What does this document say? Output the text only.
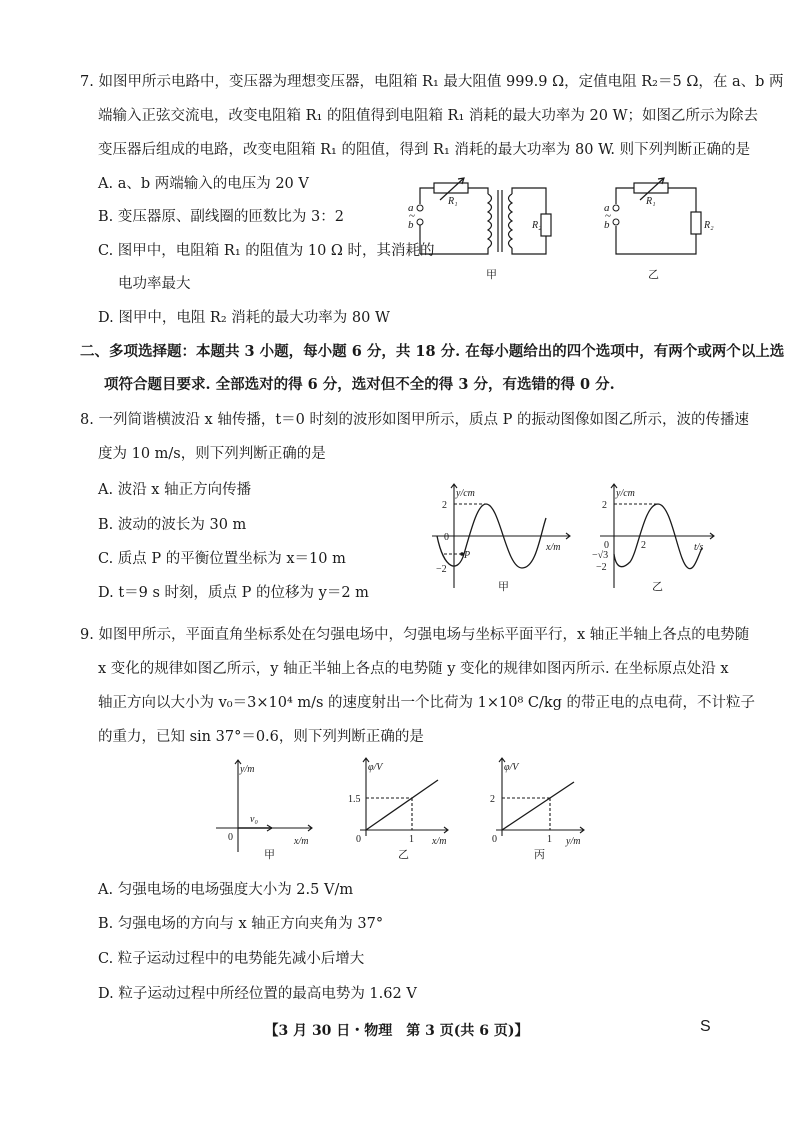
7. 如图甲所示电路中，变压器为理想变压器，电阻箱 R₁ 最大阻值 999.9 Ω，定值电阻 R₂＝5 Ω，在 a、b 两
端输入正弦交流电，改变电阻箱 R₁ 的阻值得到电阻箱 R₁ 消耗的最大功率为 20 W；如图乙所示为除去
变压器后组成的电路，改变电阻箱 R₁ 的阻值，得到 R₁ 消耗的最大功率为 80 W. 则下列判断正确的是
A. a、b 两端输入的电压为 20 V
B. 变压器原、副线圈的匝数比为 3：2
C. 图甲中，电阻箱 R₁ 的阻值为 10 Ω 时，其消耗的
电功率最大
D. 图甲中，电阻 R₂ 消耗的最大功率为 80 W
R₁
R₂
a
~
b
甲
R₁
R₂
a
~
b
乙
二、多项选择题：本题共 3 小题，每小题 6 分，共 18 分. 在每小题给出的四个选项中，有两个或两个以上选
项符合题目要求. 全部选对的得 6 分，选对但不全的得 3 分，有选错的得 0 分.
8. 一列简谐横波沿 x 轴传播，t＝0 时刻的波形如图甲所示，质点 P 的振动图像如图乙所示，波的传播速
度为 10 m/s，则下列判断正确的是
A. 波沿 x 轴正方向传播
B. 波动的波长为 30 m
C. 质点 P 的平衡位置坐标为 x＝10 m
D. t＝9 s 时刻，质点 P 的位移为 y＝2 m
y/cm
x/m
2
−2
0
P
甲
y/cm
t/s
2
−2
−√3
0	2
乙
9. 如图甲所示，平面直角坐标系处在匀强电场中，匀强电场与坐标平面平行，x 轴正半轴上各点的电势随
x 变化的规律如图乙所示，y 轴正半轴上各点的电势随 y 变化的规律如图丙所示. 在坐标原点处沿 x
轴正方向以大小为 v₀＝3×10⁴ m/s 的速度射出一个比荷为 1×10⁸ C/kg 的带正电的点电荷，不计粒子
的重力，已知 sin 37°＝0.6，则下列判断正确的是
y/m
x/m
v₀
0
甲
φ/V
x/m
1.5
1
0
乙
φ/V
y/m
2
1
0
丙
A. 匀强电场的电场强度大小为 2.5 V/m
B. 匀强电场的方向与 x 轴正方向夹角为 37°
C. 粒子运动过程中的电势能先减小后增大
D. 粒子运动过程中所经位置的最高电势为 1.62 V
【3 月 30 日・物理　第 3 页(共 6 页)】	S
